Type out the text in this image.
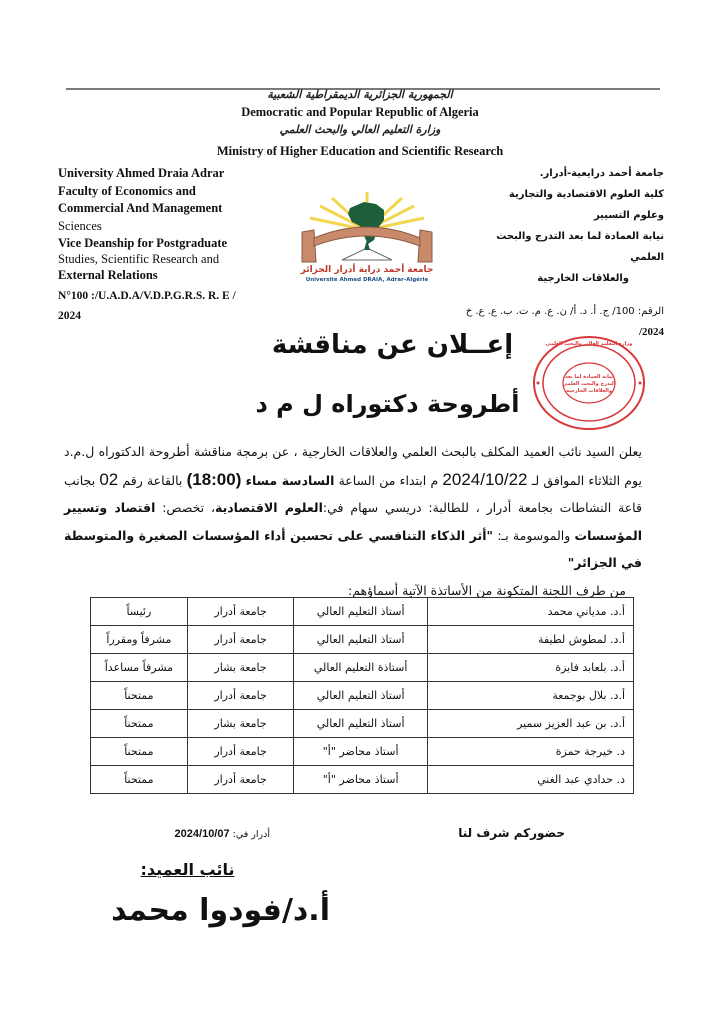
الجمهورية الجزائرية الديمقراطية الشعبية
Democratic and Popular Republic of Algeria
وزارة التعليم العالي والبحث العلمي
Ministry of Higher Education and Scientific Research
University Ahmed Draia Adrar
Faculty of Economics and
Commercial And Management
Sciences
Vice Deanship for Postgraduate
Studies, Scientific Research and
External Relations
N°100 :/U.A.D.A/V.D.P.G.R.S. R. E /
2024
جامعة أحمد دراية أدرار الجزائر
Université Ahmed DRAIA, Adrar-Algérie
جامعة أحمد درايعية-أدرار.
كلية العلوم الاقتصادية والتجارية
وعلوم التسيير
نيابة العمادة لما بعد التدرج والبحث العلمي
والعلاقات الخارجية
الرقم: 100/ ج. أ. د. أ/ ن. ع. م. ت. ب. ع. ع. خ
2024/
إعــلان عن مناقشة
أطروحة دكتوراه ل م د
نيابة العمادة لما بعد
التدرج والبحث العلمي
والعلاقات الخارجية
وزارة التعليم العالي والبحث العلمي
يعلن السيد نائب العميد المكلف بالبحث العلمي والعلاقات الخارجية ، عن برمجة مناقشة أطروحة الدكتوراه ل.م.د يوم الثلاثاء الموافق لـ 2024/10/22 م ابتداء من الساعة السادسة مساء (18:00) بالقاعة رقم 02 بجانب قاعة النشاطات بجامعة أدرار ، للطالبة: دريسي سهام في:العلوم الاقتصادية، تخصص: اقتصاد وتسيير المؤسسات والموسومة بـ: "أثر الذكاء التنافسي على تحسين أداء المؤسسات الصغيرة والمتوسطة في الجزائر"
من طرف اللجنة المتكونة من الأساتذة الآتية أسماؤهم:
أ.د. مدياني محمد	أستاذ التعليم العالي	جامعة أدرار	رئيساً
أ.د. لمطوش لطيفة	أستاذ التعليم العالي	جامعة أدرار	مشرفاً ومقرراً
أ.د. بلعابد فايزة	أستاذة التعليم العالي	جامعة بشار	مشرفاً مساعداً
أ.د. بلال بوجمعة	أستاذ التعليم العالي	جامعة أدرار	ممتحناً
أ.د. بن عبد العزيز سمير	أستاذ التعليم العالي	جامعة بشار	ممتحناً
د. خيرجة حمزة	أستاذ محاضر "أ"	جامعة أدرار	ممتحناً
د. حدادي عبد الغني	أستاذ محاضر "أ"	جامعة أدرار	ممتحناً
حضوركم شرف لنا
أدرار في: 2024/10/07
نائب العميد:
أ.د/فودوا محمد
